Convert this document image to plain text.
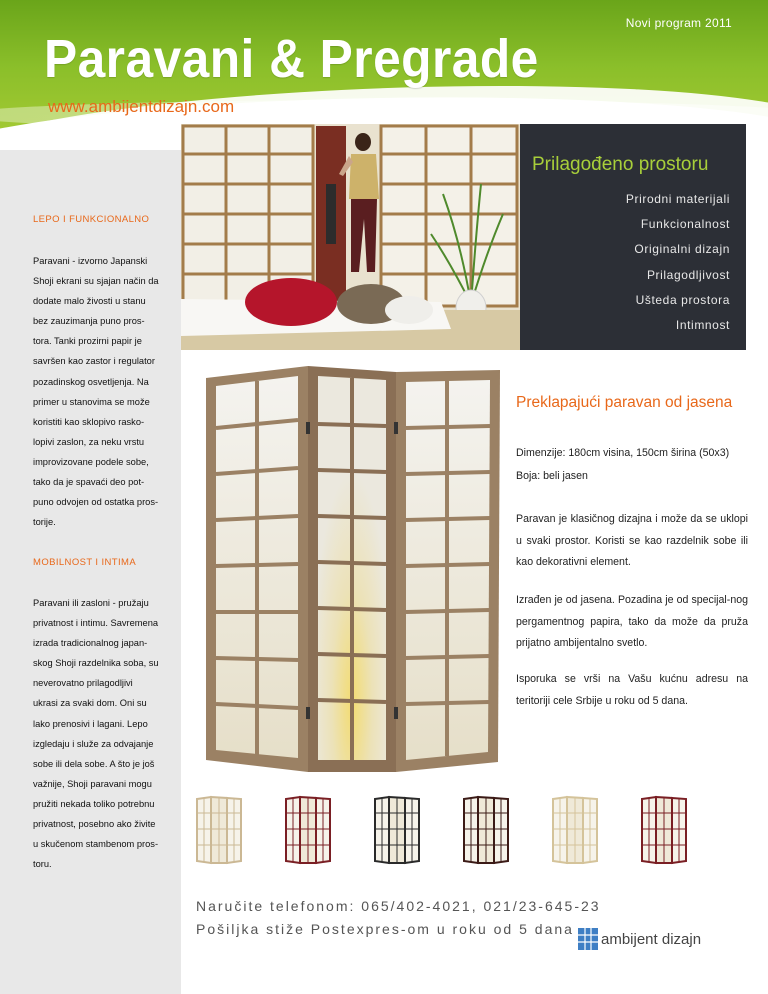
Novi program 2011
Paravani & Pregrade
www.ambijentdizajn.com
LEPO I FUNKCIONALNO
Paravani - izvorno Japanski
Shoji ekrani su sjajan način da
dodate malo živosti u stanu
bez zauzimanja puno pros-
tora. Tanki prozirni papir je
savršen kao zastor i regulator
pozadinskog osvetljenja. Na
primer u stanovima se može
koristiti kao sklopivo rasko-
lopivi zaslon, za neku vrstu
improvizovane podele sobe,
tako da je spavaći deo pot-
puno odvojen od ostatka pros-
torije.
MOBILNOST I INTIMA
Paravani ili zasloni - pružaju
privatnost i intimu. Savremena
izrada tradicionalnog japan-
skog Shoji razdelnika soba, su
neverovatno prilagodljivi
ukrasi za svaki dom. Oni su
lako prenosivi i lagani. Lepo
izgledaju i služe za odvajanje
sobe ili dela sobe. A što je još
važnije, Shoji paravani mogu
pružiti nekada toliko potrebnu
privatnost, posebno ako živite
u skučenom stambenom pros-
toru.
Prilagođeno prostoru
Prirodni materijali
Funkcionalnost
Originalni dizajn
Prilagodljivost
Ušteda prostora
Intimnost
Preklapajući paravan od jasena
Dimenzije: 180cm visina, 150cm širina (50x3)
Boja: beli jasen
Paravan je klasičnog dizajna i može da se uklopi u svaki prostor. Koristi se kao razdelnik sobe ili kao dekorativni element.
Izrađen je od jasena. Pozadina je od specijal-nog pergamentnog papira, tako da može da pruža prijatno ambijentalno svetlo.
Isporuka se vrši na Vašu kućnu adresu na teritoriji cele Srbije u roku od 5 dana.
Naručite telefonom: 065/402-4021, 021/23-645-23
Pošiljka stiže Postexpres-om u roku od 5 dana
ambijent dizajn
